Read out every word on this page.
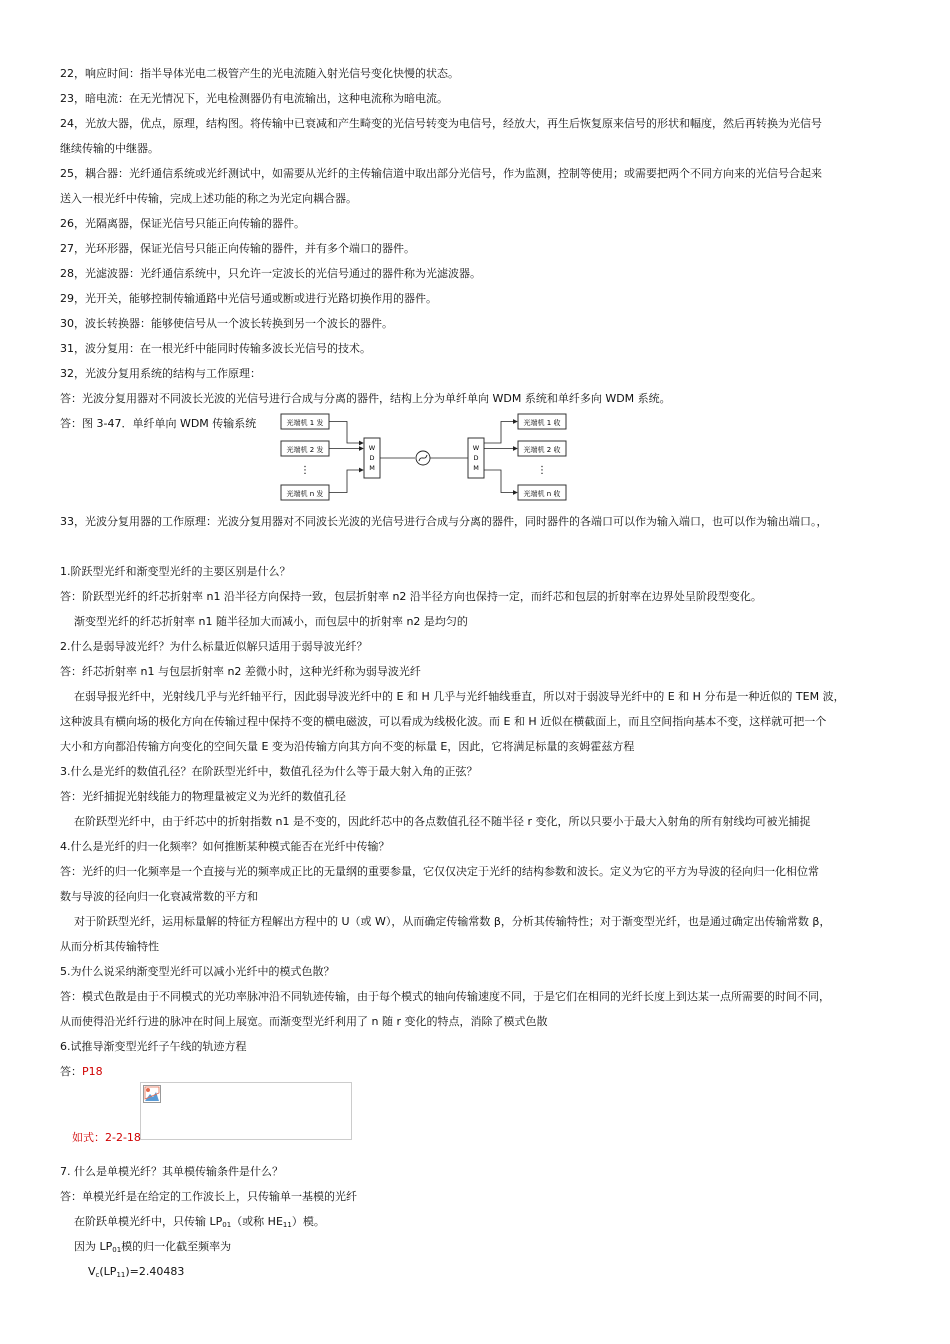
22，响应时间：指半导体光电二极管产生的光电流随入射光信号变化快慢的状态。
23，暗电流：在无光情况下，光电检测器仍有电流输出，这种电流称为暗电流。
24，光放大器，优点，原理，结构图。将传输中已衰减和产生畸变的光信号转变为电信号，经放大，再生后恢复原来信号的形状和幅度，然后再转换为光信号
继续传输的中继器。
25，耦合器：光纤通信系统或光纤测试中，如需要从光纤的主传输信道中取出部分光信号，作为监测，控制等使用；或需要把两个不同方向来的光信号合起来
送入一根光纤中传输，完成上述功能的称之为光定向耦合器。
26，光隔离器，保证光信号只能正向传输的器件。
27，光环形器，保证光信号只能正向传输的器件，并有多个端口的器件。
28，光滤波器：光纤通信系统中，只允许一定波长的光信号通过的器件称为光滤波器。
29，光开关，能够控制传输通路中光信号通或断或进行光路切换作用的器件。
30，波长转换器：能够使信号从一个波长转换到另一个波长的器件。
31，波分复用：在一根光纤中能同时传输多波长光信号的技术。
32，光波分复用系统的结构与工作原理：
答：光波分复用器对不同波长光波的光信号进行合成与分离的器件，结构上分为单纤单向 WDM 系统和单纤多向 WDM 系统。
答：图 3-47．单纤单向 WDM 传输系统	光端机 1 发
光端机 2 发
⋮
光端机 n 发
W
D
M
W
D
M
光端机 1 收
光端机 2 收
⋮
光端机 n 收
33，光波分复用器的工作原理：光波分复用器对不同波长光波的光信号进行合成与分离的器件，同时器件的各端口可以作为输入端口，也可以作为输出端口。，
1.阶跃型光纤和渐变型光纤的主要区别是什么？
答：阶跃型光纤的纤芯折射率 n1 沿半径方向保持一致，包层折射率 n2 沿半径方向也保持一定，而纤芯和包层的折射率在边界处呈阶段型变化。
渐变型光纤的纤芯折射率 n1 随半径加大而减小，而包层中的折射率 n2 是均匀的
2.什么是弱导波光纤？为什么标量近似解只适用于弱导波光纤？
答：纤芯折射率 n1 与包层折射率 n2 差微小时，这种光纤称为弱导波光纤
在弱导报光纤中，光射线几乎与光纤轴平行，因此弱导波光纤中的 E 和 H 几乎与光纤轴线垂直，所以对于弱波导光纤中的 E 和 H 分布是一种近似的 TEM 波，
这种波具有横向场的极化方向在传输过程中保持不变的横电磁波，可以看成为线极化波。而 E 和 H 近似在横截面上，而且空间指向基本不变，这样就可把一个
大小和方向都沿传输方向变化的空间矢量 E 变为沿传输方向其方向不变的标量 E，因此，它将满足标量的亥姆霍兹方程
3.什么是光纤的数值孔径？在阶跃型光纤中，数值孔径为什么等于最大射入角的正弦？
答：光纤捕捉光射线能力的物理量被定义为光纤的数值孔径
在阶跃型光纤中，由于纤芯中的折射指数 n1 是不变的，因此纤芯中的各点数值孔径不随半径 r 变化，所以只要小于最大入射角的所有射线均可被光捕捉
4.什么是光纤的归一化频率？如何推断某种模式能否在光纤中传输？
答：光纤的归一化频率是一个直接与光的频率成正比的无量纲的重要参量，它仅仅决定于光纤的结构参数和波长。定义为它的平方为导波的径向归一化相位常
数与导波的径向归一化衰减常数的平方和
对于阶跃型光纤，运用标量解的特征方程解出方程中的 U（或 W），从而确定传输常数 β，分析其传输特性；对于渐变型光纤，也是通过确定出传输常数 β，
从而分析其传输特性
5.为什么说采纳渐变型光纤可以减小光纤中的模式色散？
答：模式色散是由于不同模式的光功率脉冲沿不同轨迹传输，由于每个模式的轴向传输速度不同，于是它们在相同的光纤长度上到达某一点所需要的时间不同，
从而使得沿光纤行进的脉冲在时间上展宽。而渐变型光纤利用了 n 随 r 变化的特点，消除了模式色散
6.试推导渐变型光纤子午线的轨迹方程
答：P18
如式：2-2-18
7. 什么是单模光纤？其单模传输条件是什么？
答：单模光纤是在给定的工作波长上，只传输单一基模的光纤
在阶跃单模光纤中，只传输 $LP_{01}$（或称 $HE_{11}$）模。
因为 $LP_{01}$模的归一化截至频率为
$V_c(LP_{11})=2.40483$
